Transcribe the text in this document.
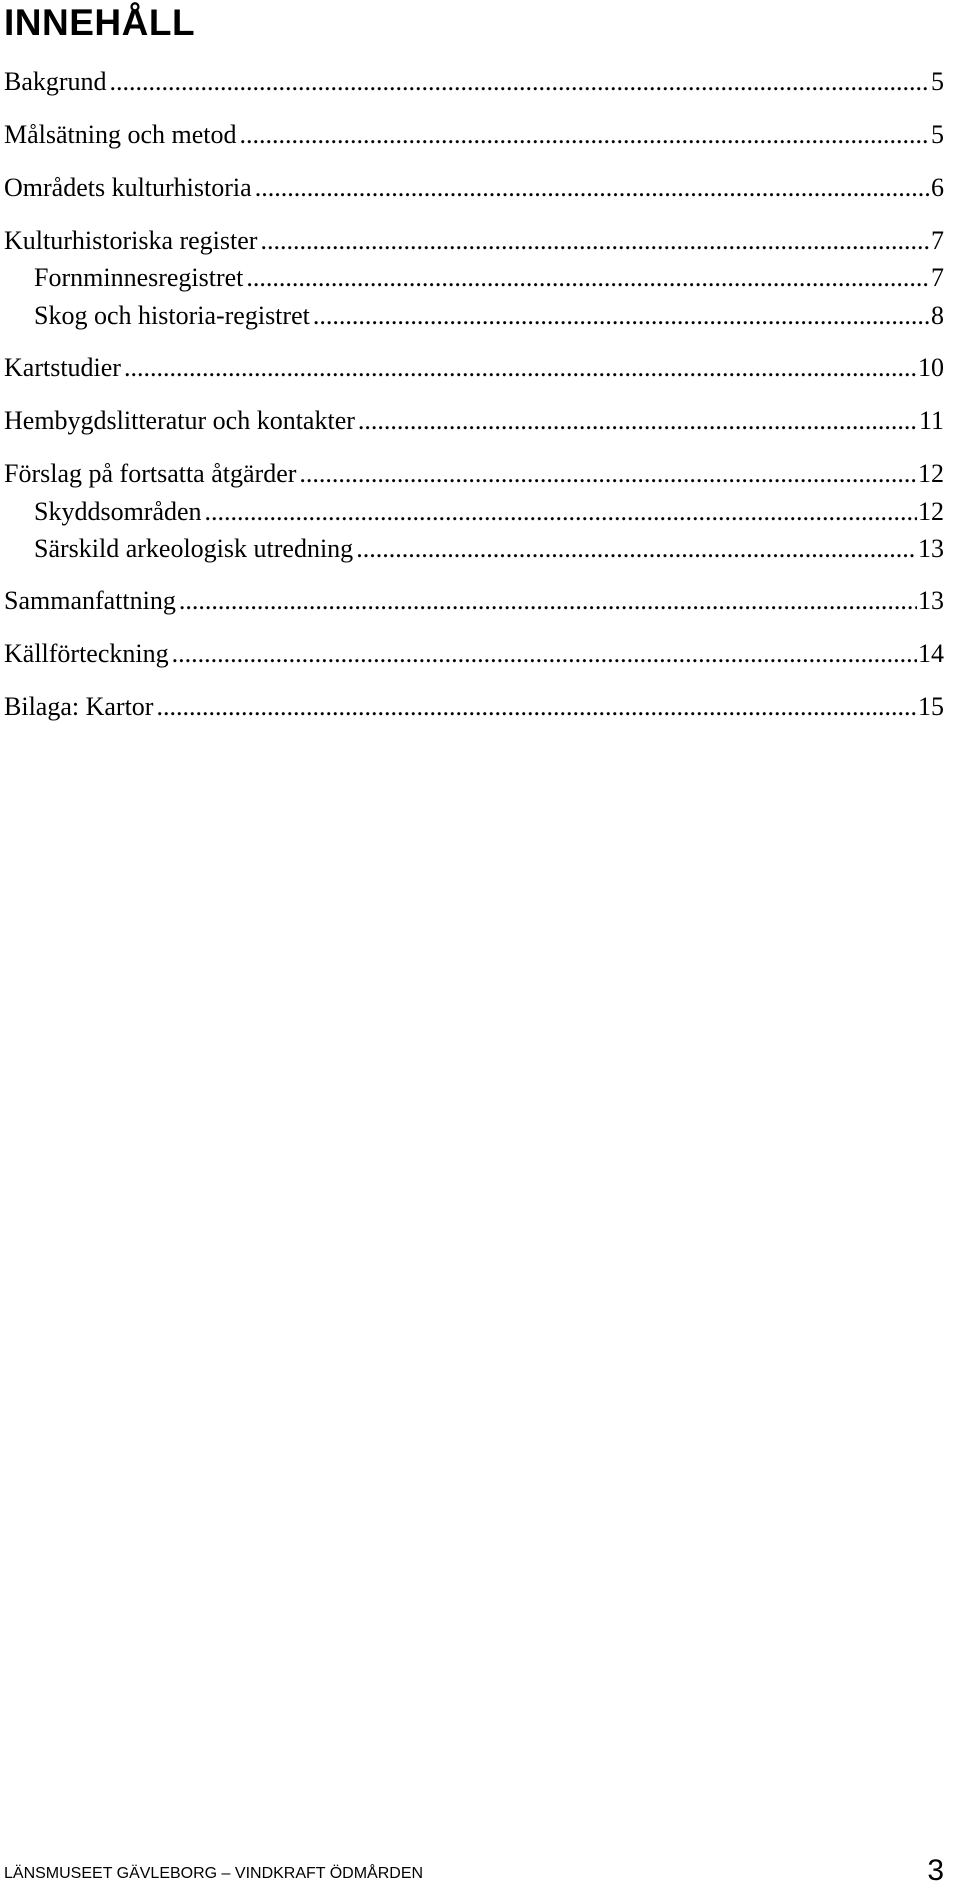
INNEHÅLL
Bakgrund .....	5
Målsätning och metod .....	5
Områdets kulturhistoria .....	6
Kulturhistoriska register .....	7
Fornminnesregistret .....	7
Skog och historia-registret .....	8
Kartstudier .....	10
Hembygdslitteratur och kontakter .....	11
Förslag på fortsatta åtgärder .....	12
Skyddsområden .....	12
Särskild arkeologisk utredning .....	13
Sammanfattning .....	13
Källförteckning .....	14
Bilaga: Kartor .....	15
LÄNSMUSEET GÄVLEBORG – VINDKRAFT ÖDMÅRDEN	3
